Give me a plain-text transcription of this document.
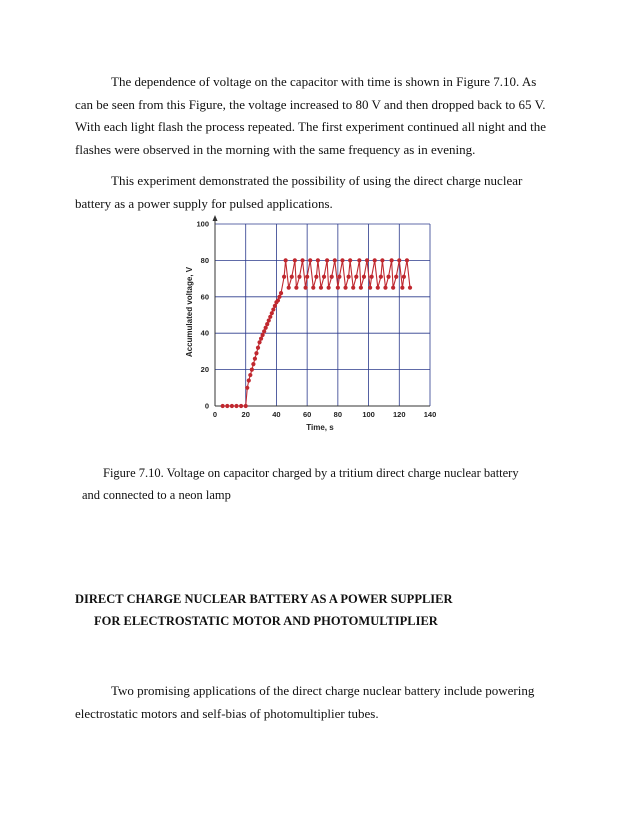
The dependence of voltage on the capacitor with time is shown in Figure 7.10. As can be seen from this Figure, the voltage increased to 80 V and then dropped back to 65 V. With each light flash the process repeated. The first experiment continued all night and the flashes were observed in the morning with the same frequency as in evening.

This experiment demonstrated the possibility of using the direct charge nuclear battery as a power supply for pulsed applications.

0	20	40	60	80	100 120 140
0
20
40
60
80
100
Time, s
Accumulated voltage, V

Figure 7.10. Voltage on capacitor charged by a tritium direct charge nuclear battery
and connected to a neon lamp

DIRECT CHARGE NUCLEAR BATTERY AS A POWER SUPPLIER
FOR ELECTROSTATIC MOTOR AND PHOTOMULTIPLIER

Two promising applications of the direct charge nuclear battery include powering electrostatic motors and self-bias of photomultiplier tubes.
